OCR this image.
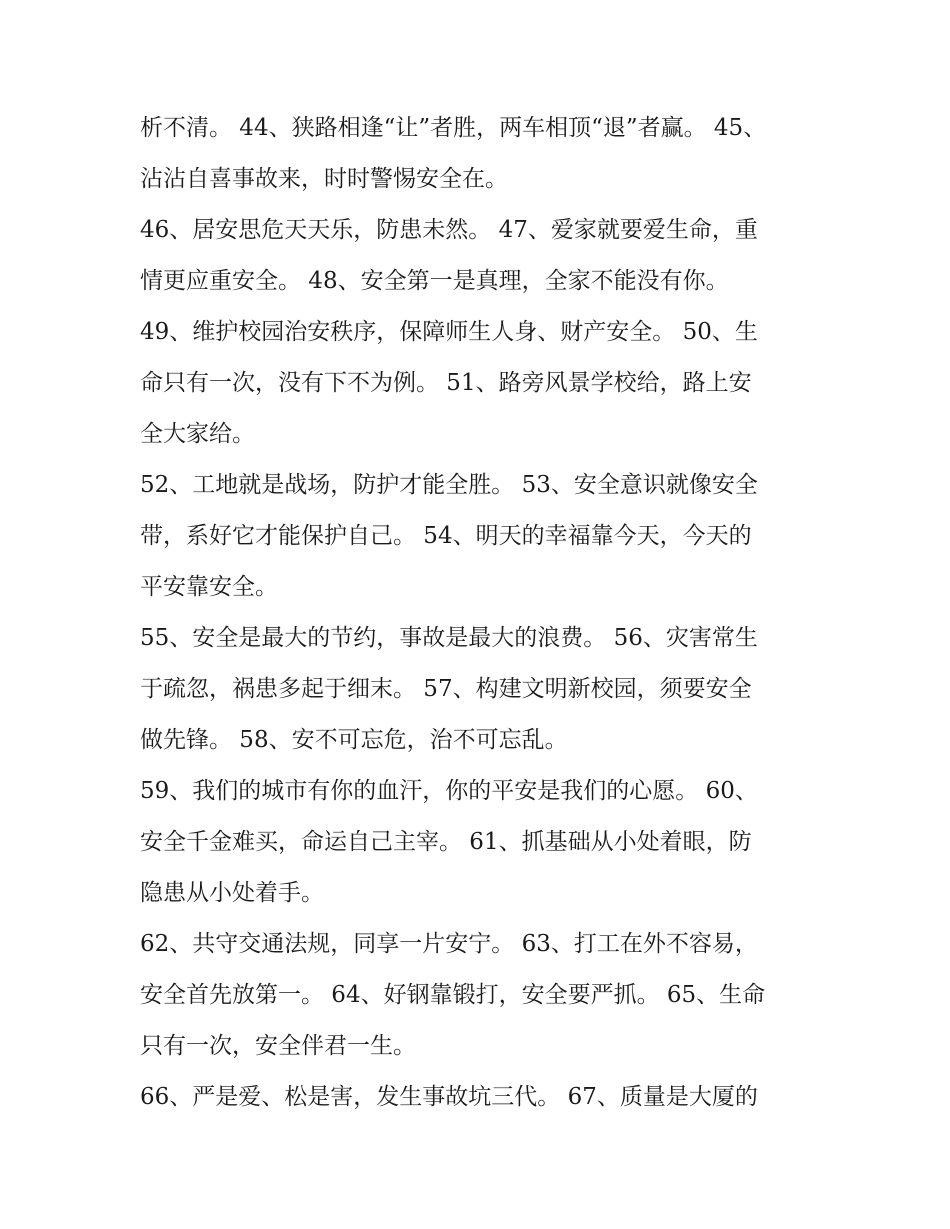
析不清。 44、狭路相逢“让”者胜，两车相顶“退”者赢。 45、
沾沾自喜事故来，时时警惕安全在。
46、居安思危天天乐，防患未然。 47、爱家就要爱生命，重
情更应重安全。 48、安全第一是真理，全家不能没有你。
49、维护校园治安秩序，保障师生人身、财产安全。 50、生
命只有一次，没有下不为例。 51、路旁风景学校给，路上安
全大家给。
52、工地就是战场，防护才能全胜。 53、安全意识就像安全
带，系好它才能保护自己。 54、明天的幸福靠今天，今天的
平安靠安全。
55、安全是最大的节约，事故是最大的浪费。 56、灾害常生
于疏忽，祸患多起于细末。 57、构建文明新校园，须要安全
做先锋。 58、安不可忘危，治不可忘乱。
59、我们的城市有你的血汗，你的平安是我们的心愿。 60、
安全千金难买，命运自己主宰。 61、抓基础从小处着眼，防
隐患从小处着手。
62、共守交通法规，同享一片安宁。 63、打工在外不容易，
安全首先放第一。 64、好钢靠锻打，安全要严抓。 65、生命
只有一次，安全伴君一生。
66、严是爱、松是害，发生事故坑三代。 67、质量是大厦的
